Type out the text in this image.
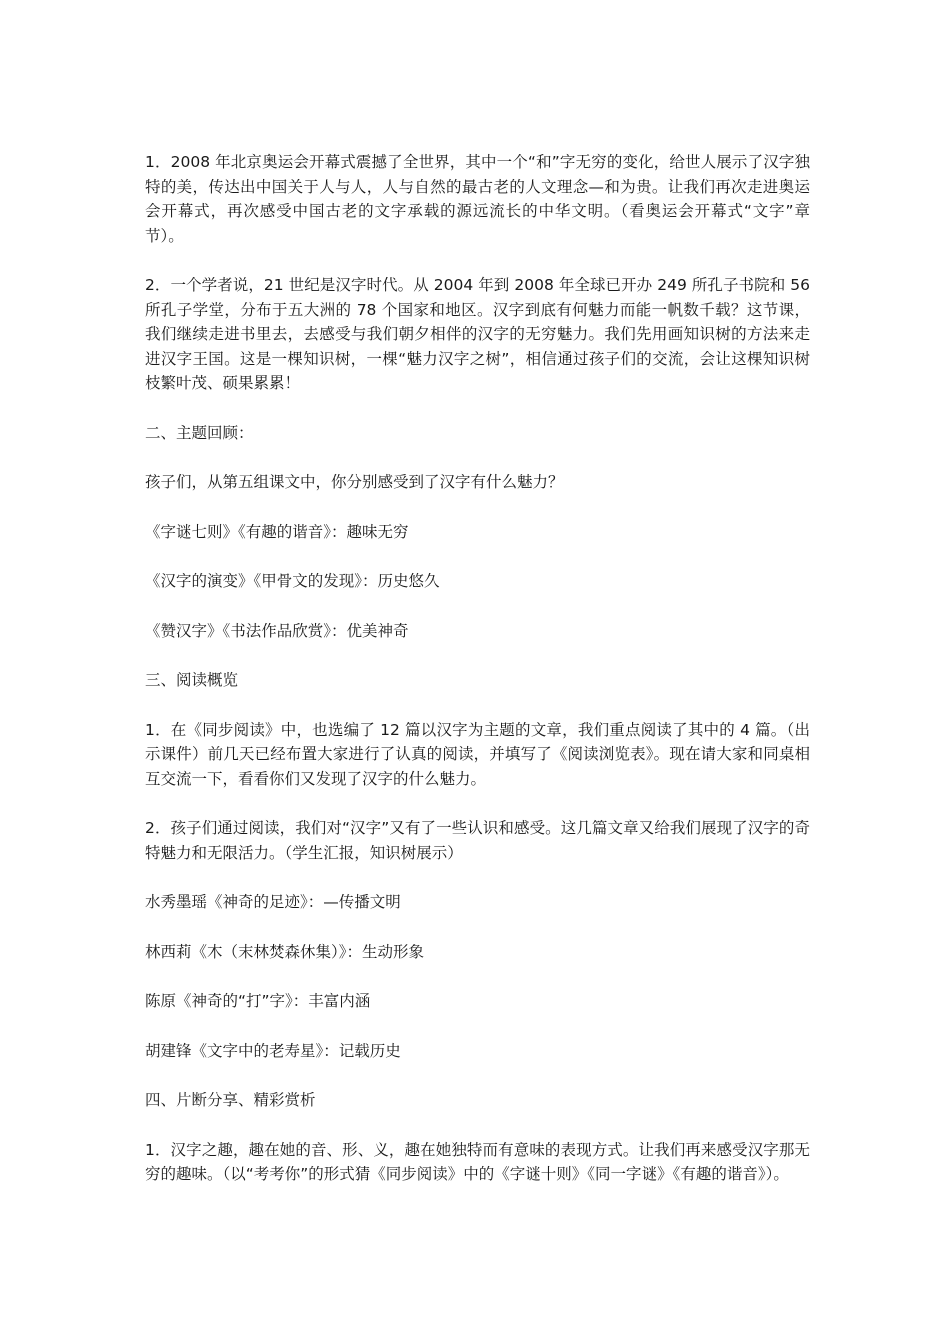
1．2008 年北京奥运会开幕式震撼了全世界，其中一个“和”字无穷的变化，给世人展示了汉字独特的美，传达出中国关于人与人，人与自然的最古老的人文理念—和为贵。让我们再次走进奥运会开幕式，再次感受中国古老的文字承载的源远流长的中华文明。（看奥运会开幕式“文字”章节）。

2．一个学者说，21 世纪是汉字时代。从 2004 年到 2008 年全球已开办 249 所孔子书院和 56 所孔子学堂，分布于五大洲的 78 个国家和地区。汉字到底有何魅力而能一帆数千载？这节课，我们继续走进书里去，去感受与我们朝夕相伴的汉字的无穷魅力。我们先用画知识树的方法来走进汉字王国。这是一棵知识树，一棵“魅力汉字之树”，相信通过孩子们的交流，会让这棵知识树枝繁叶茂、硕果累累！

二、主题回顾：

孩子们，从第五组课文中，你分别感受到了汉字有什么魅力？

《字谜七则》《有趣的谐音》：趣味无穷

《汉字的演变》《甲骨文的发现》：历史悠久

《赞汉字》《书法作品欣赏》：优美神奇

三、阅读概览

1．在《同步阅读》中，也选编了 12 篇以汉字为主题的文章，我们重点阅读了其中的 4 篇。（出示课件）前几天已经布置大家进行了认真的阅读，并填写了《阅读浏览表》。现在请大家和同桌相互交流一下，看看你们又发现了汉字的什么魅力。

2．孩子们通过阅读，我们对“汉字”又有了一些认识和感受。这几篇文章又给我们展现了汉字的奇特魅力和无限活力。（学生汇报，知识树展示）

水秀墨瑶《神奇的足迹》：—传播文明

林西莉《木（末林焚森休集）》：生动形象

陈原《神奇的“打”字》：丰富内涵

胡建锋《文字中的老寿星》：记载历史

四、片断分享、精彩赏析

1．汉字之趣，趣在她的音、形、义，趣在她独特而有意味的表现方式。让我们再来感受汉字那无穷的趣味。（以“考考你”的形式猜《同步阅读》中的《字谜十则》《同一字谜》《有趣的谐音》）。
